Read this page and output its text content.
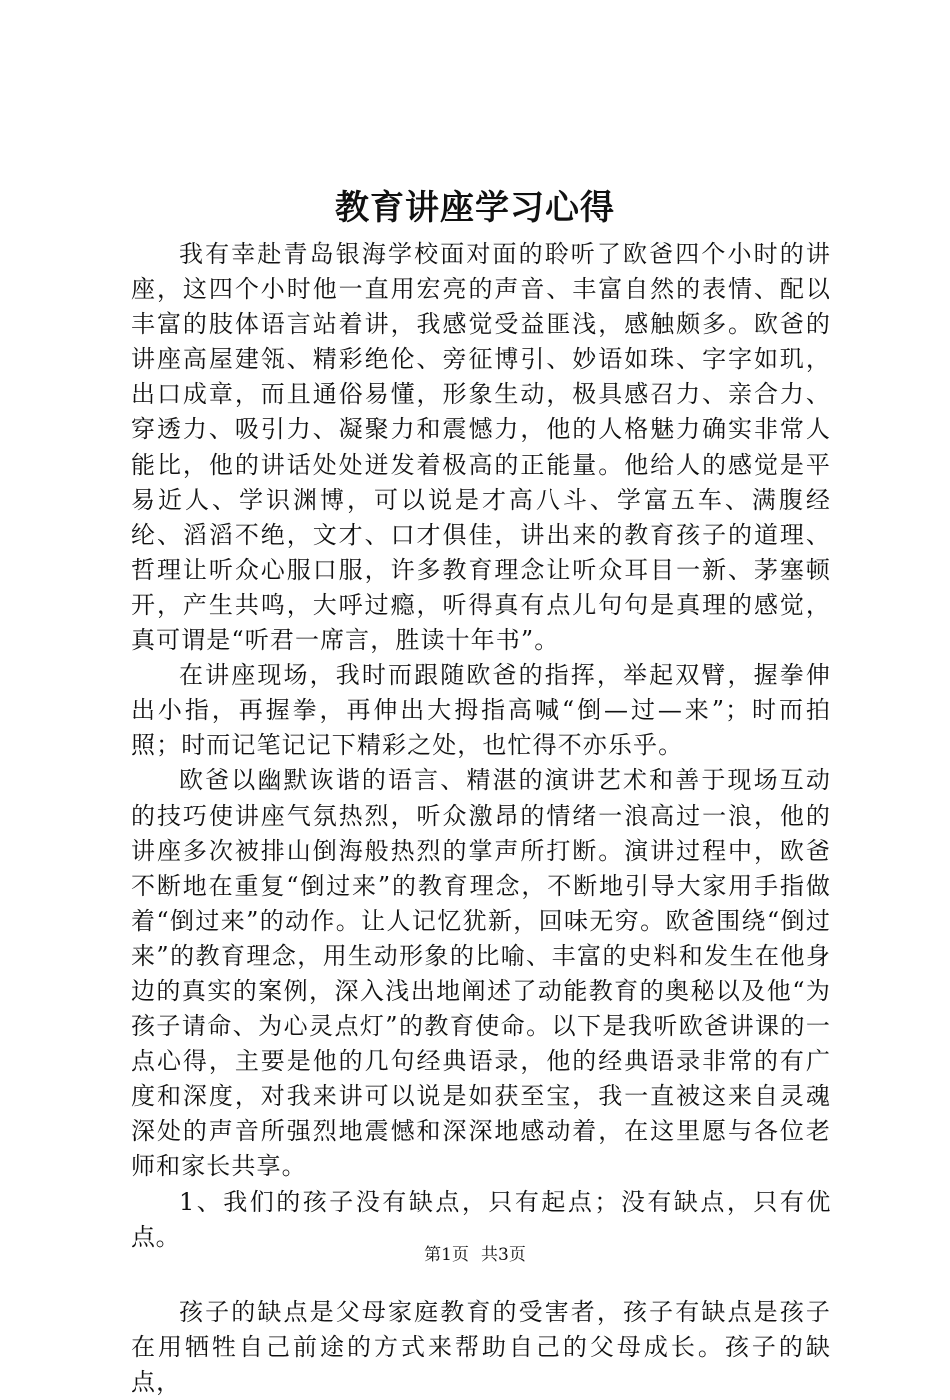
教育讲座学习心得

我有幸赴青岛银海学校面对面的聆听了欧爸四个小时的讲座，这四个小时他一直用宏亮的声音、丰富自然的表情、配以丰富的肢体语言站着讲，我感觉受益匪浅，感触颇多。欧爸的讲座高屋建瓴、精彩绝伦、旁征博引、妙语如珠、字字如玑，出口成章，而且通俗易懂，形象生动，极具感召力、亲合力、穿透力、吸引力、凝聚力和震憾力，他的人格魅力确实非常人能比，他的讲话处处迸发着极高的正能量。他给人的感觉是平易近人、学识渊博，可以说是才高八斗、学富五车、满腹经纶、滔滔不绝，文才、口才俱佳，讲出来的教育孩子的道理、哲理让听众心服口服，许多教育理念让听众耳目一新、茅塞顿开，产生共鸣，大呼过瘾，听得真有点儿句句是真理的感觉，真可谓是“听君一席言，胜读十年书”。

在讲座现场，我时而跟随欧爸的指挥，举起双臂，握拳伸出小指，再握拳，再伸出大拇指高喊“倒—过—来”；时而拍照；时而记笔记记下精彩之处，也忙得不亦乐乎。

欧爸以幽默诙谐的语言、精湛的演讲艺术和善于现场互动的技巧使讲座气氛热烈，听众激昂的情绪一浪高过一浪，他的讲座多次被排山倒海般热烈的掌声所打断。演讲过程中，欧爸不断地在重复“倒过来”的教育理念，不断地引导大家用手指做着“倒过来”的动作。让人记忆犹新，回味无穷。欧爸围绕“倒过来”的教育理念，用生动形象的比喻、丰富的史料和发生在他身边的真实的案例，深入浅出地阐述了动能教育的奥秘以及他“为孩子请命、为心灵点灯”的教育使命。以下是我听欧爸讲课的一点心得，主要是他的几句经典语录，他的经典语录非常的有广度和深度，对我来讲可以说是如获至宝，我一直被这来自灵魂深处的声音所强烈地震憾和深深地感动着，在这里愿与各位老师和家长共享。

1、我们的孩子没有缺点，只有起点；没有缺点，只有优点。

孩子的缺点是父母家庭教育的受害者，孩子有缺点是孩子在用牺牲自己前途的方式来帮助自己的父母成长。孩子的缺点，

第1页 共3页
